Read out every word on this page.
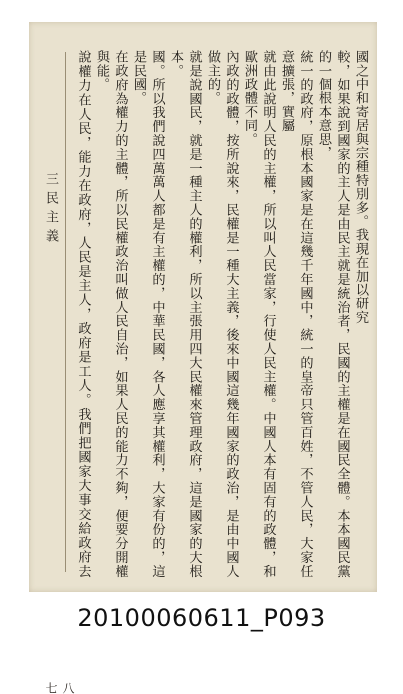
三民主義
八七
國之中和寄居與宗種特別多。我現在加以研究
較，如果說到國家的主人是由民主就是統治者，民國的主權是在國民全體。本本國民黨的一個根本意思，
統一的政府，原根本國家是在這幾千年國中，統一的皇帝只管百姓，不管人民，大家任意擴張，實屬
就由此說明人民的主權，所以叫人民當家，行使人民主權。中國人本有固有的政體，和歐洲政體不同。
內政的政體，按所說來，民權是一種大主義，後來中國這幾年國家的政治，是由中國人做主的。
就是說國民，就是一種主人的權利，所以主張用四大民權來管理政府，這是國家的大根本。
國。所以我們說四萬萬人都是有主權的，中華民國，各人應享其權利，大家有份的，這是民國。
在政府為權力的主體，所以民權政治叫做人民自治，如果人民的能力不夠，便要分開權與能。
說權力在人民，能力在政府，人民是主人，政府是工人。我們把國家大事交給政府去
20100060611_P093
